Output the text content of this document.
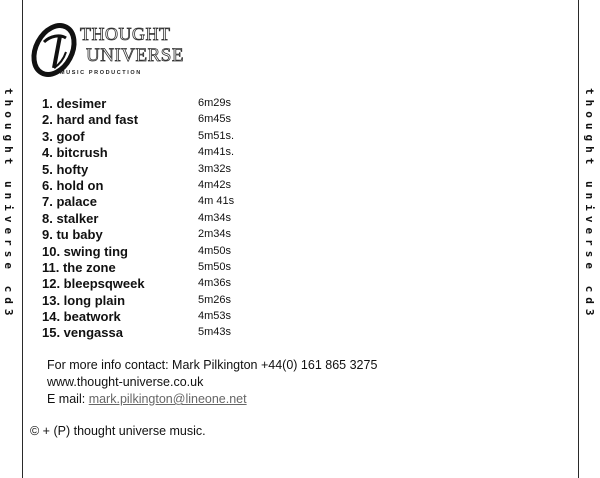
thought universe cd3	thought universe cd3
THOUGHT
UNIVERSE
MUSIC PRODUCTION
1. desimer	6m29s
2. hard and fast	6m45s
3. goof	5m51s.
4. bitcrush	4m41s.
5. hofty	3m32s
6. hold on	4m42s
7. palace	4m 41s
8. stalker	4m34s
9. tu baby	2m34s
10. swing ting	4m50s
11. the zone	5m50s
12. bleepsqweek	4m36s
13. long plain	5m26s
14. beatwork	4m53s
15. vengassa	5m43s
For more info contact: Mark Pilkington +44(0) 161 865 3275
www.thought-universe.co.uk
E mail: mark.pilkington@lineone.net
© + (P) thought universe music.
